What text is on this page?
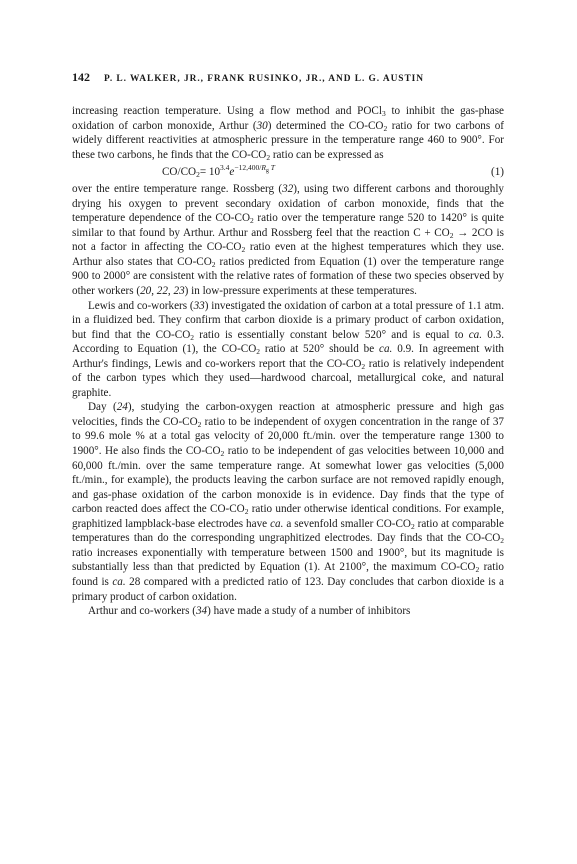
142 P. L. WALKER, JR., FRANK RUSINKO, JR., AND L. G. AUSTIN

increasing reaction temperature. Using a flow method and POCl$_3$ to inhibit the gas-phase oxidation of carbon monoxide, Arthur (30) determined the $CO-CO_2$ ratio for two carbons of widely different reactivities at atmospheric pressure in the temperature range 460 to 900°. For these two carbons, he finds that the $CO-CO_2$ ratio can be expressed as

$CO/CO_2= 10^{3.4}e^{-12,400/R_g T}$	(1)

over the entire temperature range. Rossberg (32), using two different carbons and thoroughly drying his oxygen to prevent secondary oxidation of carbon monoxide, finds that the temperature dependence of the $CO-CO_2$ ratio over the temperature range 520 to 1420° is quite similar to that found by Arthur. Arthur and Rossberg feel that the reaction $C + CO_2 \to 2CO$ is not a factor in affecting the $CO-CO_2$ ratio even at the highest temperatures which they use. Arthur also states that $CO-CO_2$ ratios predicted from Equation (1) over the temperature range 900 to 2000° are consistent with the relative rates of formation of these two species observed by other workers (20, 22, 23) in low-pressure experiments at these temperatures.

Lewis and co-workers (33) investigated the oxidation of carbon at a total pressure of 1.1 atm. in a fluidized bed. They confirm that carbon dioxide is a primary product of carbon oxidation, but find that the $CO-CO_2$ ratio is essentially constant below 520° and is equal to ca. 0.3. According to Equation (1), the $CO-CO_2$ ratio at 520° should be ca. 0.9. In agreement with Arthur's findings, Lewis and co-workers report that the $CO-CO_2$ ratio is relatively independent of the carbon types which they used—hardwood charcoal, metallurgical coke, and natural graphite.

Day (24), studying the carbon-oxygen reaction at atmospheric pressure and high gas velocities, finds the $CO-CO_2$ ratio to be independent of oxygen concentration in the range of 37 to 99.6 mole % at a total gas velocity of 20,000 ft./min. over the temperature range 1300 to 1900°. He also finds the $CO-CO_2$ ratio to be independent of gas velocities between 10,000 and 60,000 ft./min. over the same temperature range. At somewhat lower gas velocities (5,000 ft./min., for example), the products leaving the carbon surface are not removed rapidly enough, and gas-phase oxidation of the carbon monoxide is in evidence. Day finds that the type of carbon reacted does affect the $CO-CO_2$ ratio under otherwise identical conditions. For example, graphitized lampblack-base electrodes have ca. a sevenfold smaller $CO-CO_2$ ratio at comparable temperatures than do the corresponding ungraphitized electrodes. Day finds that the $CO-CO_2$ ratio increases exponentially with temperature between 1500 and 1900°, but its magnitude is substantially less than that predicted by Equation (1). At 2100°, the maximum $CO-CO_2$ ratio found is ca. 28 compared with a predicted ratio of 123. Day concludes that carbon dioxide is a primary product of carbon oxidation.

Arthur and co-workers (34) have made a study of a number of inhibitors
